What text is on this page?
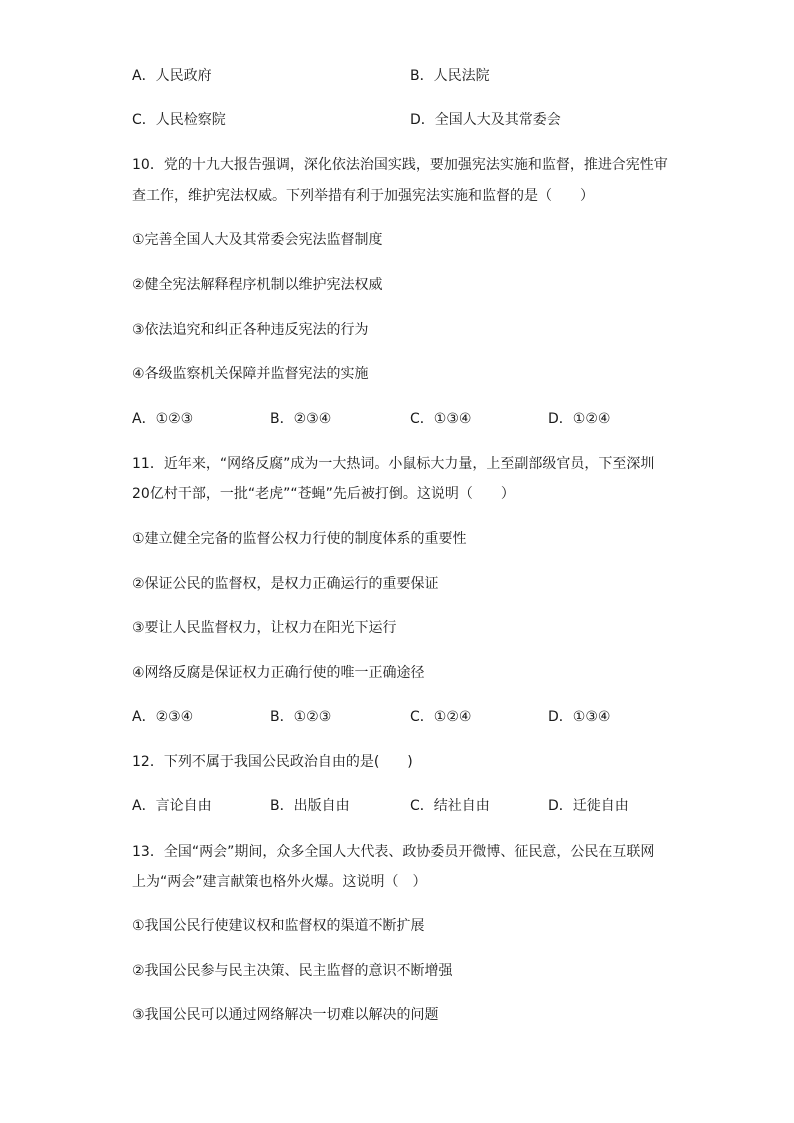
A．人民政府	B．人民法院
C．人民检察院	D．全国人大及其常委会
10．党的十九大报告强调，深化依法治国实践，要加强宪法实施和监督，推进合宪性审
查工作，维护宪法权威。下列举措有利于加强宪法实施和监督的是（　　）
①完善全国人大及其常委会宪法监督制度
②健全宪法解释程序机制以维护宪法权威
③依法追究和纠正各种违反宪法的行为
④各级监察机关保障并监督宪法的实施
A．①②③	B．②③④	C．①③④	D．①②④
11．近年来，“网络反腐”成为一大热词。小鼠标大力量，上至副部级官员，下至深圳
20亿村干部，一批“老虎”“苍蝇”先后被打倒。这说明（　　）
①建立健全完备的监督公权力行使的制度体系的重要性
②保证公民的监督权，是权力正确运行的重要保证
③要让人民监督权力，让权力在阳光下运行
④网络反腐是保证权力正确行使的唯一正确途径
A．②③④	B．①②③	C．①②④	D．①③④
12．下列不属于我国公民政治自由的是(　　)
A．言论自由	B．出版自由	C．结社自由	D．迁徙自由
13．全国“两会”期间，众多全国人大代表、政协委员开微博、征民意，公民在互联网
上为“两会”建言献策也格外火爆。这说明（　）
①我国公民行使建议权和监督权的渠道不断扩展
②我国公民参与民主决策、民主监督的意识不断增强
③我国公民可以通过网络解决一切难以解决的问题
